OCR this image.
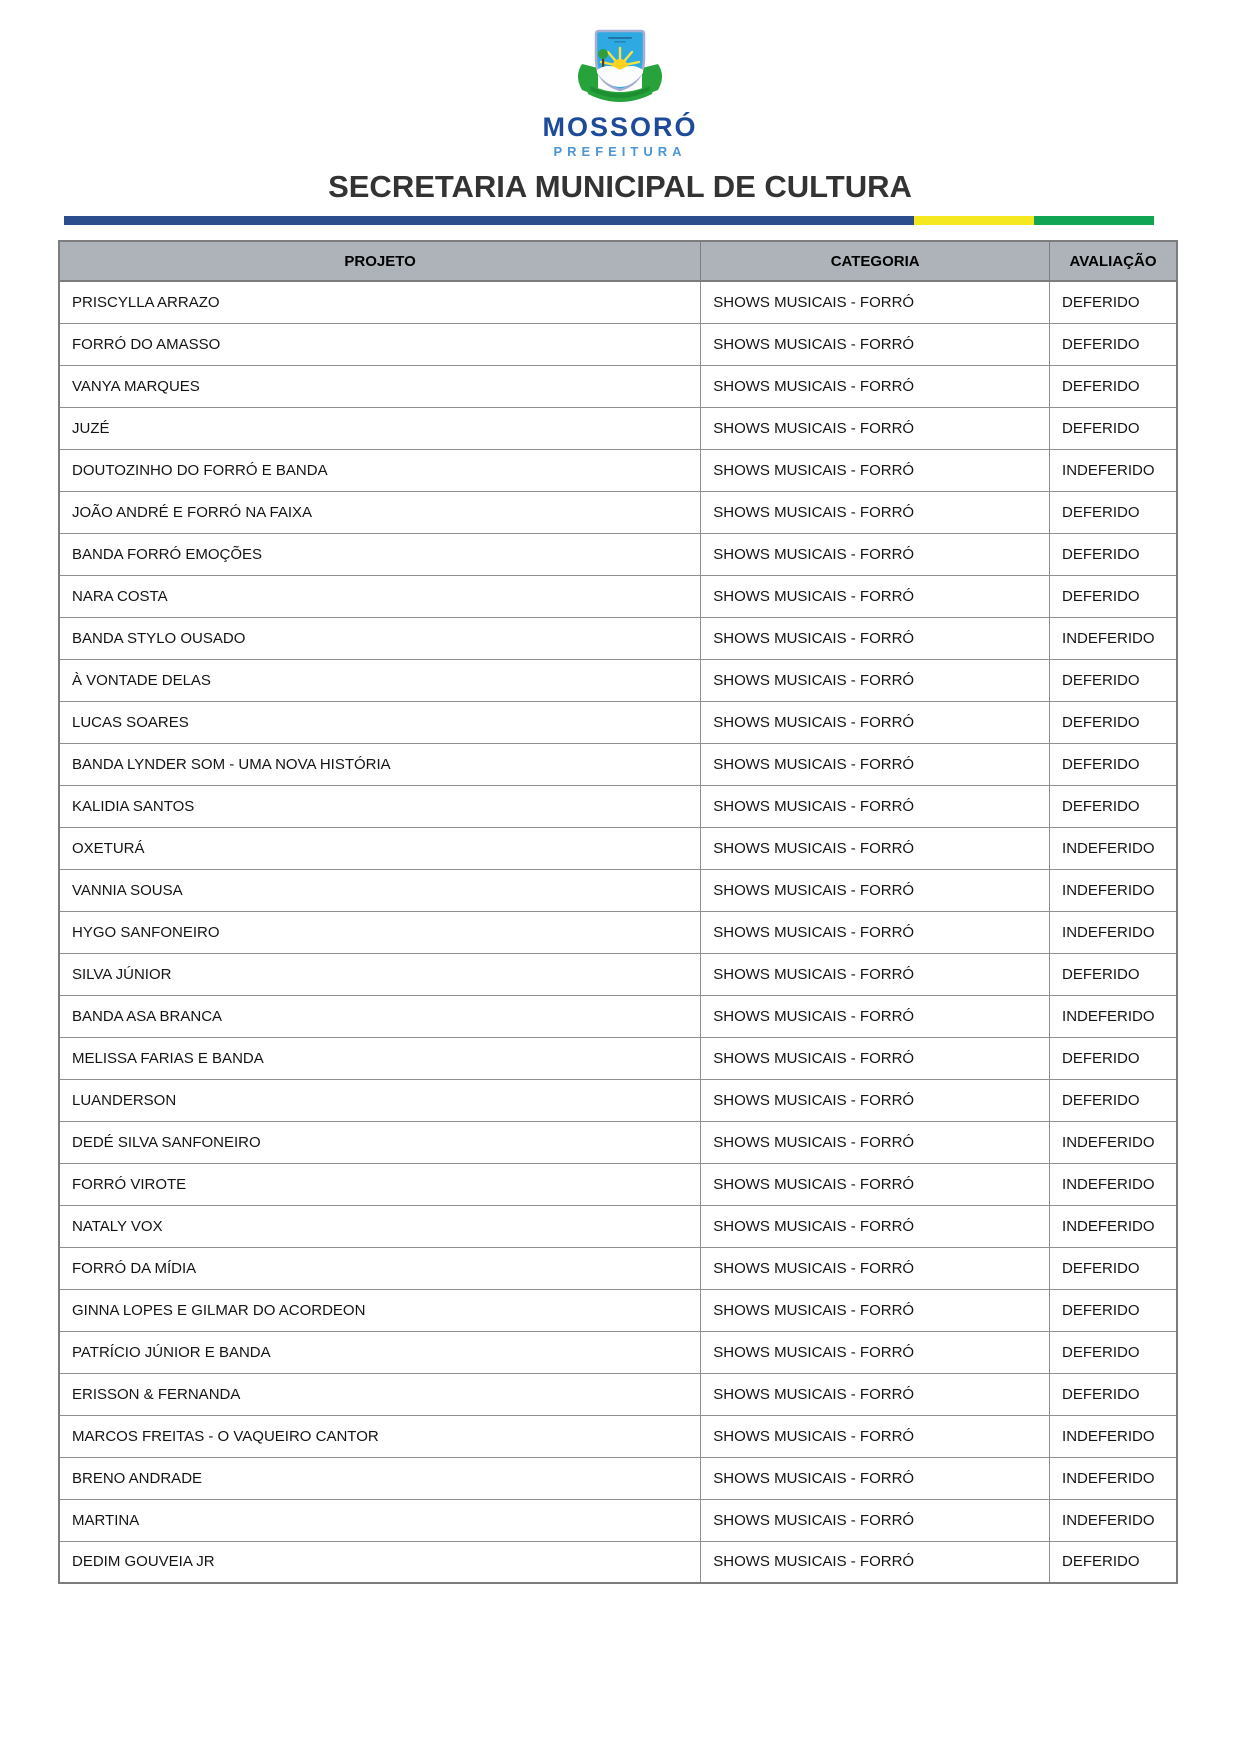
MOSSORÓ
PREFEITURA
SECRETARIA MUNICIPAL DE CULTURA
PROJETO	CATEGORIA	AVALIAÇÃO
PRISCYLLA ARRAZO	SHOWS MUSICAIS - FORRÓ	DEFERIDO
FORRÓ DO AMASSO	SHOWS MUSICAIS - FORRÓ	DEFERIDO
VANYA MARQUES	SHOWS MUSICAIS - FORRÓ	DEFERIDO
JUZÉ	SHOWS MUSICAIS - FORRÓ	DEFERIDO
DOUTOZINHO DO FORRÓ E BANDA	SHOWS MUSICAIS - FORRÓ	INDEFERIDO
JOÃO ANDRÉ E FORRÓ NA FAIXA	SHOWS MUSICAIS - FORRÓ	DEFERIDO
BANDA FORRÓ EMOÇÕES	SHOWS MUSICAIS - FORRÓ	DEFERIDO
NARA COSTA	SHOWS MUSICAIS - FORRÓ	DEFERIDO
BANDA STYLO OUSADO	SHOWS MUSICAIS - FORRÓ	INDEFERIDO
À VONTADE DELAS	SHOWS MUSICAIS - FORRÓ	DEFERIDO
LUCAS SOARES	SHOWS MUSICAIS - FORRÓ	DEFERIDO
BANDA LYNDER SOM - UMA NOVA HISTÓRIA	SHOWS MUSICAIS - FORRÓ	DEFERIDO
KALIDIA SANTOS	SHOWS MUSICAIS - FORRÓ	DEFERIDO
OXETURÁ	SHOWS MUSICAIS - FORRÓ	INDEFERIDO
VANNIA SOUSA	SHOWS MUSICAIS - FORRÓ	INDEFERIDO
HYGO SANFONEIRO	SHOWS MUSICAIS - FORRÓ	INDEFERIDO
SILVA JÚNIOR	SHOWS MUSICAIS - FORRÓ	DEFERIDO
BANDA ASA BRANCA	SHOWS MUSICAIS - FORRÓ	INDEFERIDO
MELISSA FARIAS E BANDA	SHOWS MUSICAIS - FORRÓ	DEFERIDO
LUANDERSON	SHOWS MUSICAIS - FORRÓ	DEFERIDO
DEDÉ SILVA SANFONEIRO	SHOWS MUSICAIS - FORRÓ	INDEFERIDO
FORRÓ VIROTE	SHOWS MUSICAIS - FORRÓ	INDEFERIDO
NATALY VOX	SHOWS MUSICAIS - FORRÓ	INDEFERIDO
FORRÓ DA MÍDIA	SHOWS MUSICAIS - FORRÓ	DEFERIDO
GINNA LOPES E GILMAR DO ACORDEON	SHOWS MUSICAIS - FORRÓ	DEFERIDO
PATRÍCIO JÚNIOR E BANDA	SHOWS MUSICAIS - FORRÓ	DEFERIDO
ERISSON & FERNANDA	SHOWS MUSICAIS - FORRÓ	DEFERIDO
MARCOS FREITAS - O VAQUEIRO CANTOR	SHOWS MUSICAIS - FORRÓ	INDEFERIDO
BRENO ANDRADE	SHOWS MUSICAIS - FORRÓ	INDEFERIDO
MARTINA	SHOWS MUSICAIS - FORRÓ	INDEFERIDO
DEDIM GOUVEIA JR	SHOWS MUSICAIS - FORRÓ	DEFERIDO
